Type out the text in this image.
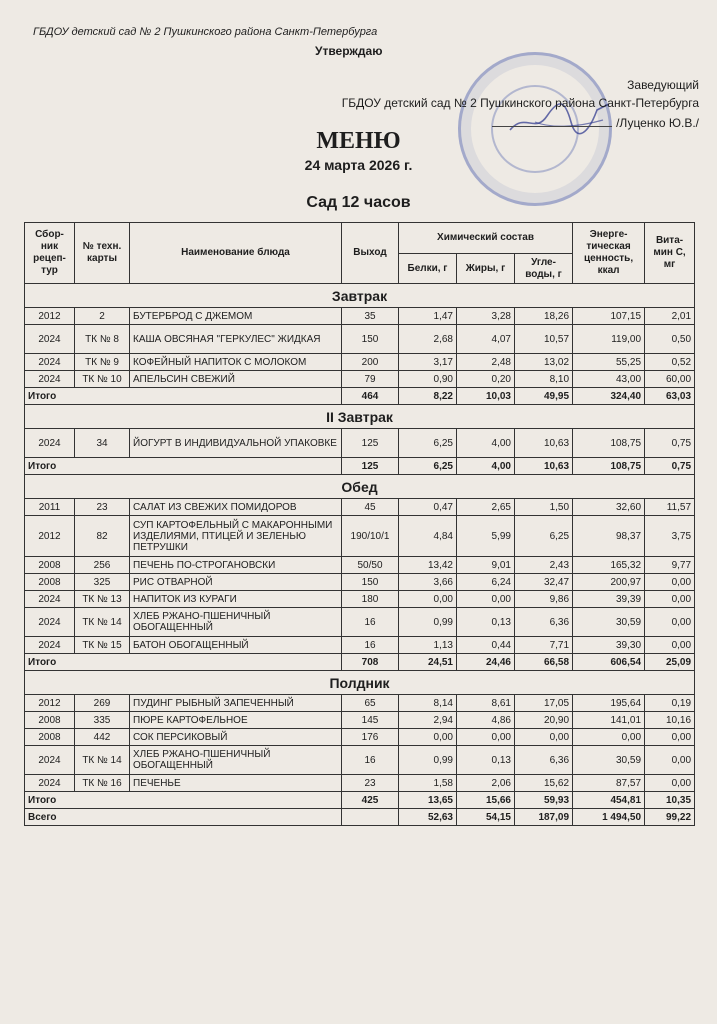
ГБДОУ детский сад № 2 Пушкинского района Санкт-Петербурга
Утверждаю
Заведующий
ГБДОУ детский сад № 2 Пушкинского района Санкт-Петербурга
/Луценко Ю.В./
МЕНЮ
24 марта 2026 г.
Сад 12 часов
Сбор-ник рецеп-тур	№ техн. карты	Наименование блюда	Выход	Химический состав			Энерге-тическая ценность, ккал	Вита-мин С, мг
				Белки, г	Жиры, г	Угле-воды, г		
Завтрак								
2012	2	БУТЕРБРОД С ДЖЕМОМ	35	1,47	3,28	18,26	107,15	2,01
2024	ТК № 8	КАША ОВСЯНАЯ "ГЕРКУЛЕС" ЖИДКАЯ	150	2,68	4,07	10,57	119,00	0,50
2024	ТК № 9	КОФЕЙНЫЙ НАПИТОК С МОЛОКОМ	200	3,17	2,48	13,02	55,25	0,52
2024	ТК № 10	АПЕЛЬСИН СВЕЖИЙ	79	0,90	0,20	8,10	43,00	60,00
Итого			464	8,22	10,03	49,95	324,40	63,03
II Завтрак								
2024	34	ЙОГУРТ В ИНДИВИДУАЛЬНОЙ УПАКОВКЕ	125	6,25	4,00	10,63	108,75	0,75
Итого			125	6,25	4,00	10,63	108,75	0,75
Обед								
2011	23	САЛАТ ИЗ СВЕЖИХ ПОМИДОРОВ	45	0,47	2,65	1,50	32,60	11,57
2012	82	СУП КАРТОФЕЛЬНЫЙ С МАКАРОННЫМИ ИЗДЕЛИЯМИ, ПТИЦЕЙ И ЗЕЛЕНЬЮ ПЕТРУШКИ	190/10/1	4,84	5,99	6,25	98,37	3,75
2008	256	ПЕЧЕНЬ ПО-СТРОГАНОВСКИ	50/50	13,42	9,01	2,43	165,32	9,77
2008	325	РИС ОТВАРНОЙ	150	3,66	6,24	32,47	200,97	0,00
2024	ТК № 13	НАПИТОК ИЗ КУРАГИ	180	0,00	0,00	9,86	39,39	0,00
2024	ТК № 14	ХЛЕБ РЖАНО-ПШЕНИЧНЫЙ ОБОГАЩЕННЫЙ	16	0,99	0,13	6,36	30,59	0,00
2024	ТК № 15	БАТОН ОБОГАЩЕННЫЙ	16	1,13	0,44	7,71	39,30	0,00
Итого			708	24,51	24,46	66,58	606,54	25,09
Полдник								
2012	269	ПУДИНГ РЫБНЫЙ ЗАПЕЧЕННЫЙ	65	8,14	8,61	17,05	195,64	0,19
2008	335	ПЮРЕ КАРТОФЕЛЬНОЕ	145	2,94	4,86	20,90	141,01	10,16
2008	442	СОК ПЕРСИКОВЫЙ	176	0,00	0,00	0,00	0,00	0,00
2024	ТК № 14	ХЛЕБ РЖАНО-ПШЕНИЧНЫЙ ОБОГАЩЕННЫЙ	16	0,99	0,13	6,36	30,59	0,00
2024	ТК № 16	ПЕЧЕНЬЕ	23	1,58	2,06	15,62	87,57	0,00
Итого			425	13,65	15,66	59,93	454,81	10,35
Всего				52,63	54,15	187,09	1 494,50	99,22
